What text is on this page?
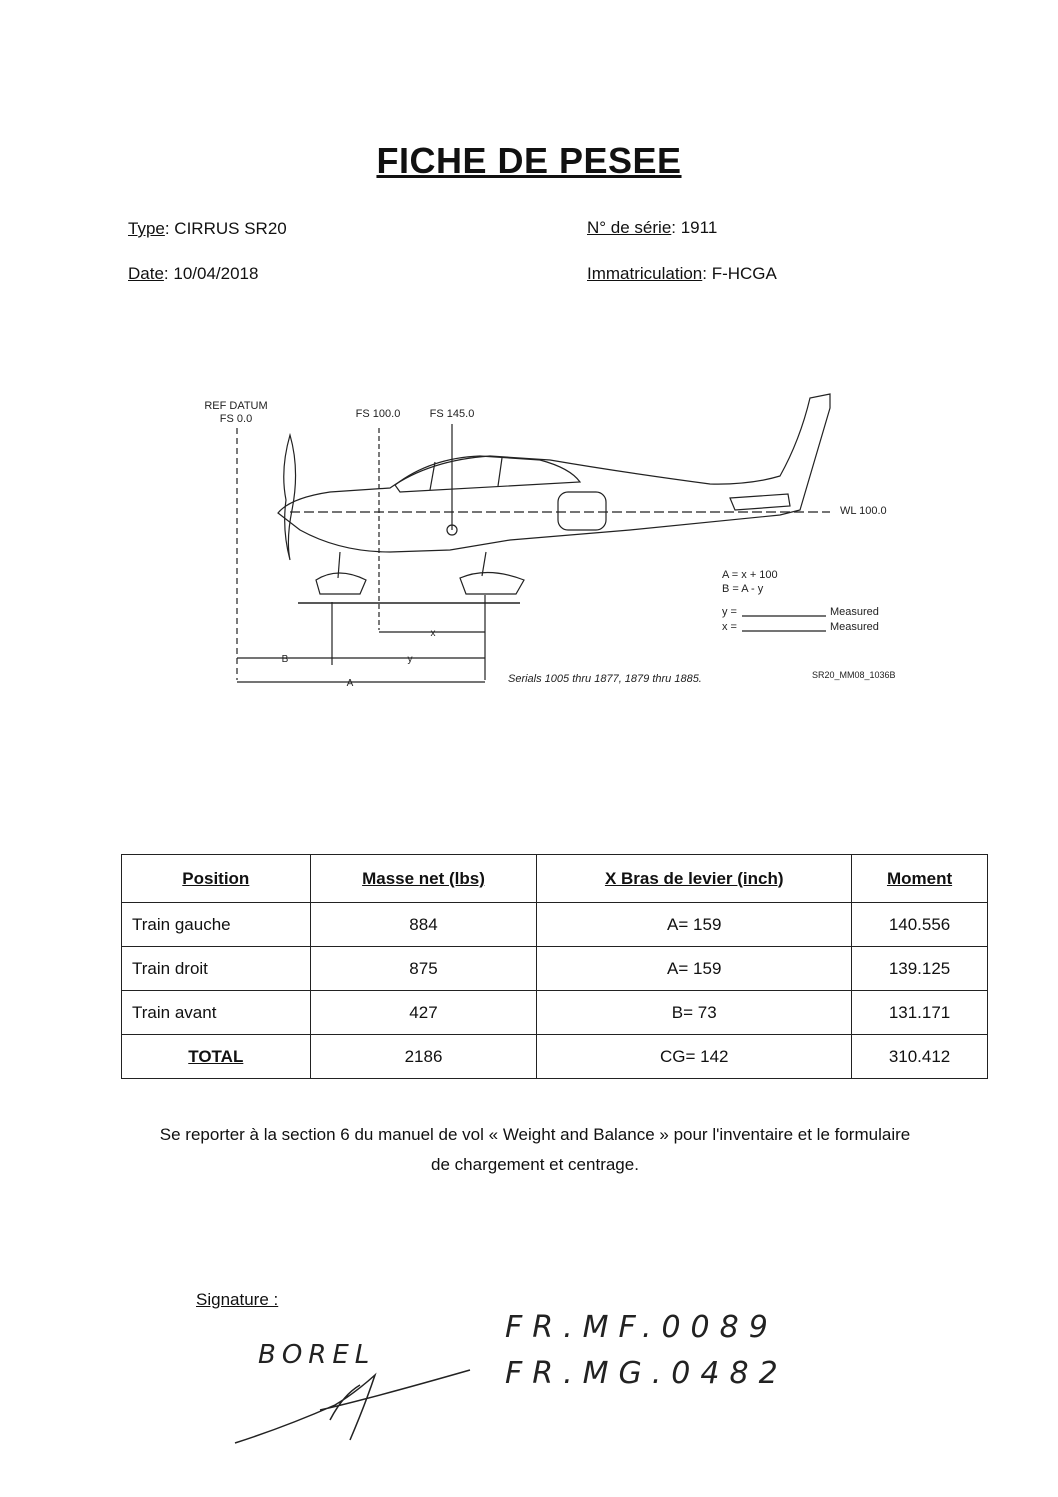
FICHE DE PESEE
Type: CIRRUS SR20
Date: 10/04/2018
N° de série: 1911
Immatriculation: F-HCGA
REF DATUM
FS 0.0	FS 100.0	FS 145.0
WL 100.0
x
B	y
A
A = x + 100
B = A - y
y =	Measured
x =	Measured
Serials 1005 thru 1877, 1879 thru 1885.	SR20_MM08_1036B
Position	Masse net (lbs)	X Bras de levier (inch)	Moment
Train gauche	884	A= 159	140.556
Train droit	875	A= 159	139.125
Train avant	427	B= 73	131.171
TOTAL	2186	CG= 142	310.412
Se reporter à la section 6 du manuel de vol « Weight and Balance » pour l'inventaire et le formulaire
de chargement et centrage.
Signature :
BOREL
FR.MF.0089
FR.MG.0482
